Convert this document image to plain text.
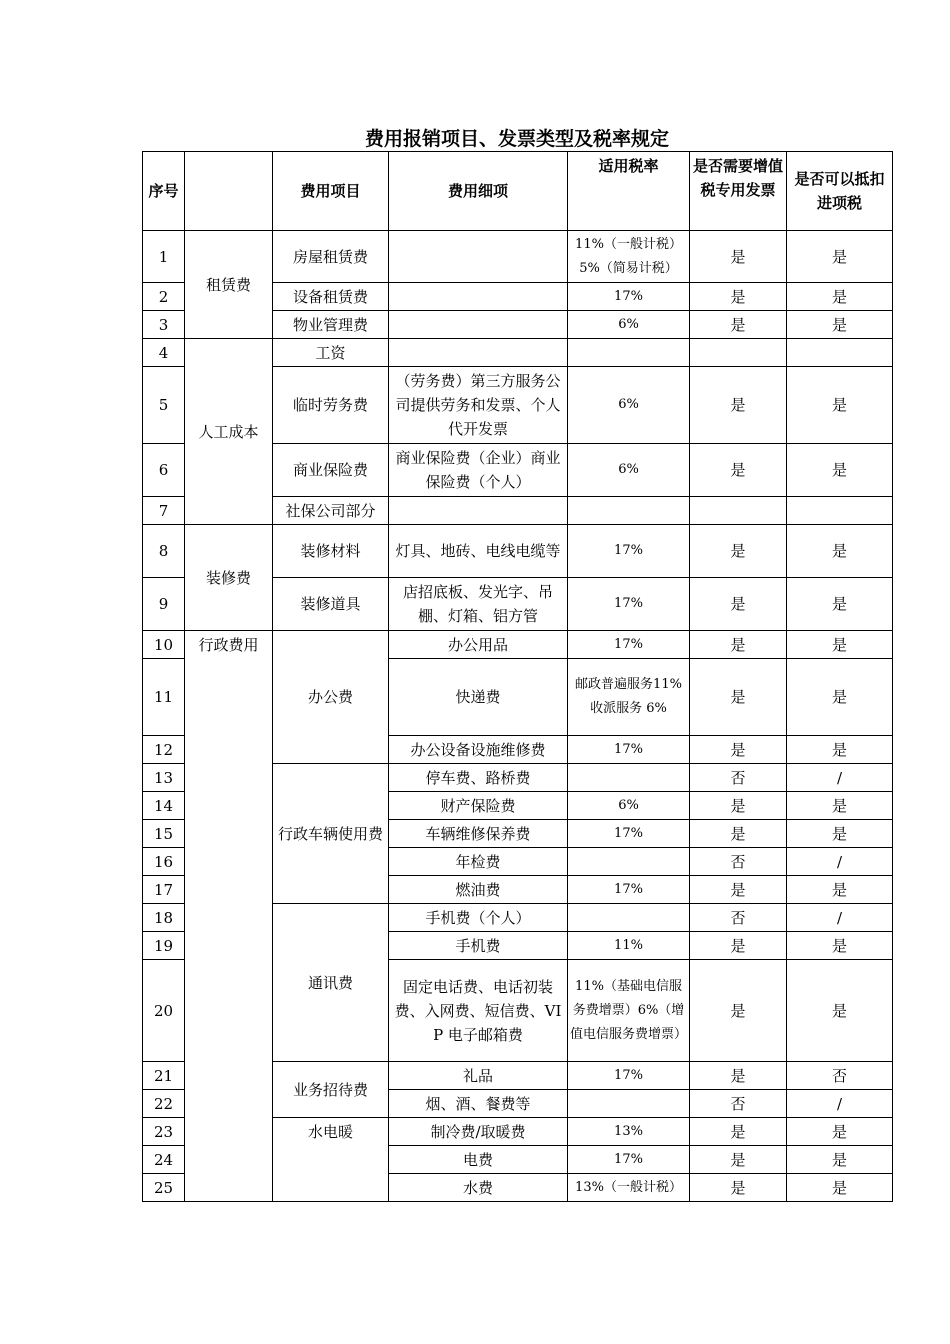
费用报销项目、发票类型及税率规定
序号		费用项目	费用细项	适用税率	是否需要增值税专用发票	是否可以抵扣进项税
1	租赁费	房屋租赁费		11%（一般计税）5%（简易计税）	是	是
2		设备租赁费		17%	是	是
3		物业管理费		6%	是	是
4	人工成本	工资				
5		临时劳务费	（劳务费）第三方服务公司提供劳务和发票、个人代开发票	6%	是	是
6		商业保险费	商业保险费（企业）商业保险费（个人）	6%	是	是
7		社保公司部分				
8	装修费	装修材料	灯具、地砖、电线电缆等	17%	是	是
9		装修道具	店招底板、发光字、吊棚、灯箱、铝方管	17%	是	是
10	行政费用	办公费	办公用品	17%	是	是
11			快递费	邮政普遍服务11%收派服务 6%	是	是
12			办公设备设施维修费	17%	是	是
13		行政车辆使用费	停车费、路桥费		否	/
14			财产保险费	6%	是	是
15			车辆维修保养费	17%	是	是
16			年检费		否	/
17			燃油费	17%	是	是
18		通讯费	手机费（个人）		否	/
19			手机费	11%	是	是
20			固定电话费、电话初装费、入网费、短信费、VIP 电子邮箱费	11%（基础电信服务费增票）6%（增值电信服务费增票）	是	是
21		业务招待费	礼品	17%	是	否
22			烟、酒、餐费等		否	/
23		水电暖	制冷费/取暖费	13%	是	是
24			电费	17%	是	是
25			水费	13%（一般计税）	是	是
